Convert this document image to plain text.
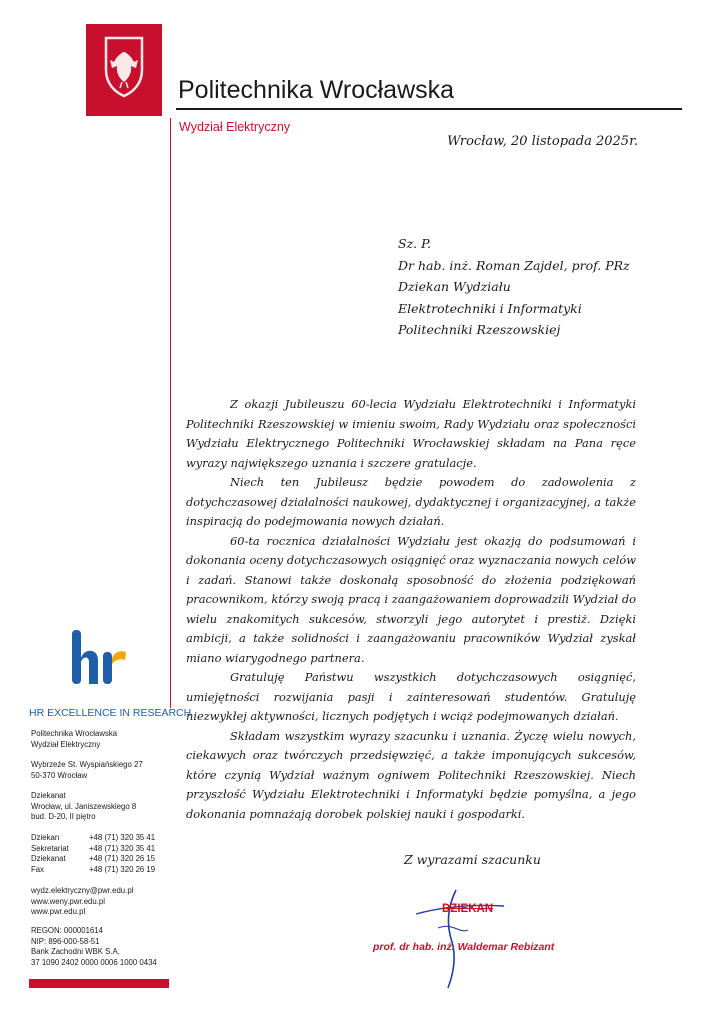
Politechnika Wrocławska
Wydział Elektryczny
Wrocław, 20 listopada 2025r.
Sz. P.
Dr hab. inż. Roman Zajdel, prof. PRz
Dziekan Wydziału
Elektrotechniki i Informatyki
Politechniki Rzeszowskiej

Z okazji Jubileuszu 60-lecia Wydziału Elektrotechniki i Informatyki Politechniki Rzeszowskiej w imieniu swoim, Rady Wydziału oraz społeczności Wydziału Elektrycznego Politechniki Wrocławskiej składam na Pana ręce wyrazy największego uznania i szczere gratulacje.

Niech ten Jubileusz będzie powodem do zadowolenia z dotychczasowej działalności naukowej, dydaktycznej i organizacyjnej, a także inspiracją do podejmowania nowych działań.

60-ta rocznica działalności Wydziału jest okazją do podsumowań i dokonania oceny dotychczasowych osiągnięć oraz wyznaczania nowych celów i zadań. Stanowi także doskonałą sposobność do złożenia podziękowań pracownikom, którzy swoją pracą i zaangażowaniem doprowadzili Wydział do wielu znakomitych sukcesów, stworzyli jego autorytet i prestiż. Dzięki ambicji, a także solidności i zaangażowaniu pracowników Wydział zyskał miano wiarygodnego partnera.

Gratuluję Państwu wszystkich dotychczasowych osiągnięć, umiejętności rozwijania pasji i zainteresowań studentów. Gratuluję niezwykłej aktywności, licznych podjętych i wciąż podejmowanych działań.

Składam wszystkim wyrazy szacunku i uznania. Życzę wielu nowych, ciekawych oraz twórczych przedsięwzięć, a także imponujących sukcesów, które czynią Wydział ważnym ogniwem Politechniki Rzeszowskiej. Niech przyszłość Wydziału Elektrotechniki i Informatyki będzie pomyślna, a jego dokonania pomnażają dorobek polskiej nauki i gospodarki.

Z wyrazami szacunku
DZIEKAN
prof. dr hab. inż. Waldemar Rebizant
HR EXCELLENCE IN RESEARCH
Politechnika Wrocławska
Wydział Elektryczny
Wybrzeże St. Wyspiańskiego 27
50-370 Wrocław
Dziekanat
Wrocław, ul. Janiszewskiego 8
bud. D-20, II piętro
Dziekan	+48 (71) 320 35 41
Sekretariat	+48 (71) 320 35 41
Dziekanat	+48 (71) 320 26 15
Fax	+48 (71) 320 26 19
wydz.elektryczny@pwr.edu.pl
www.weny.pwr.edu.pl
www.pwr.edu.pl
REGON: 000001614
NIP: 896-000-58-51
Bank Zachodni WBK S.A.
37 1090 2402 0000 0006 1000 0434
